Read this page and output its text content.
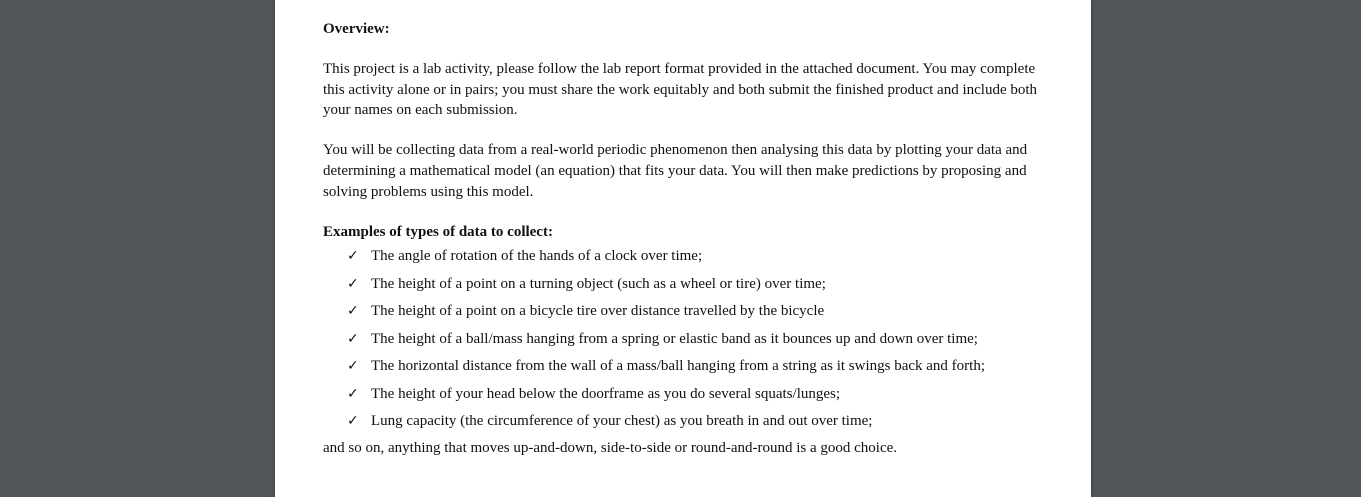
Overview:

This project is a lab activity, please follow the lab report format provided in the attached document. You may complete this activity alone or in pairs; you must share the work equitably and both submit the finished product and include both your names on each submission.

You will be collecting data from a real-world periodic phenomenon then analysing this data by plotting your data and determining a mathematical model (an equation) that fits your data. You will then make predictions by proposing and solving problems using this model.

Examples of types of data to collect:

✓ The angle of rotation of the hands of a clock over time;
✓ The height of a point on a turning object (such as a wheel or tire) over time;
✓ The height of a point on a bicycle tire over distance travelled by the bicycle
✓ The height of a ball/mass hanging from a spring or elastic band as it bounces up and down over time;
✓ The horizontal distance from the wall of a mass/ball hanging from a string as it swings back and forth;
✓ The height of your head below the doorframe as you do several squats/lunges;
✓ Lung capacity (the circumference of your chest) as you breath in and out over time;

and so on, anything that moves up-and-down, side-to-side or round-and-round is a good choice.
